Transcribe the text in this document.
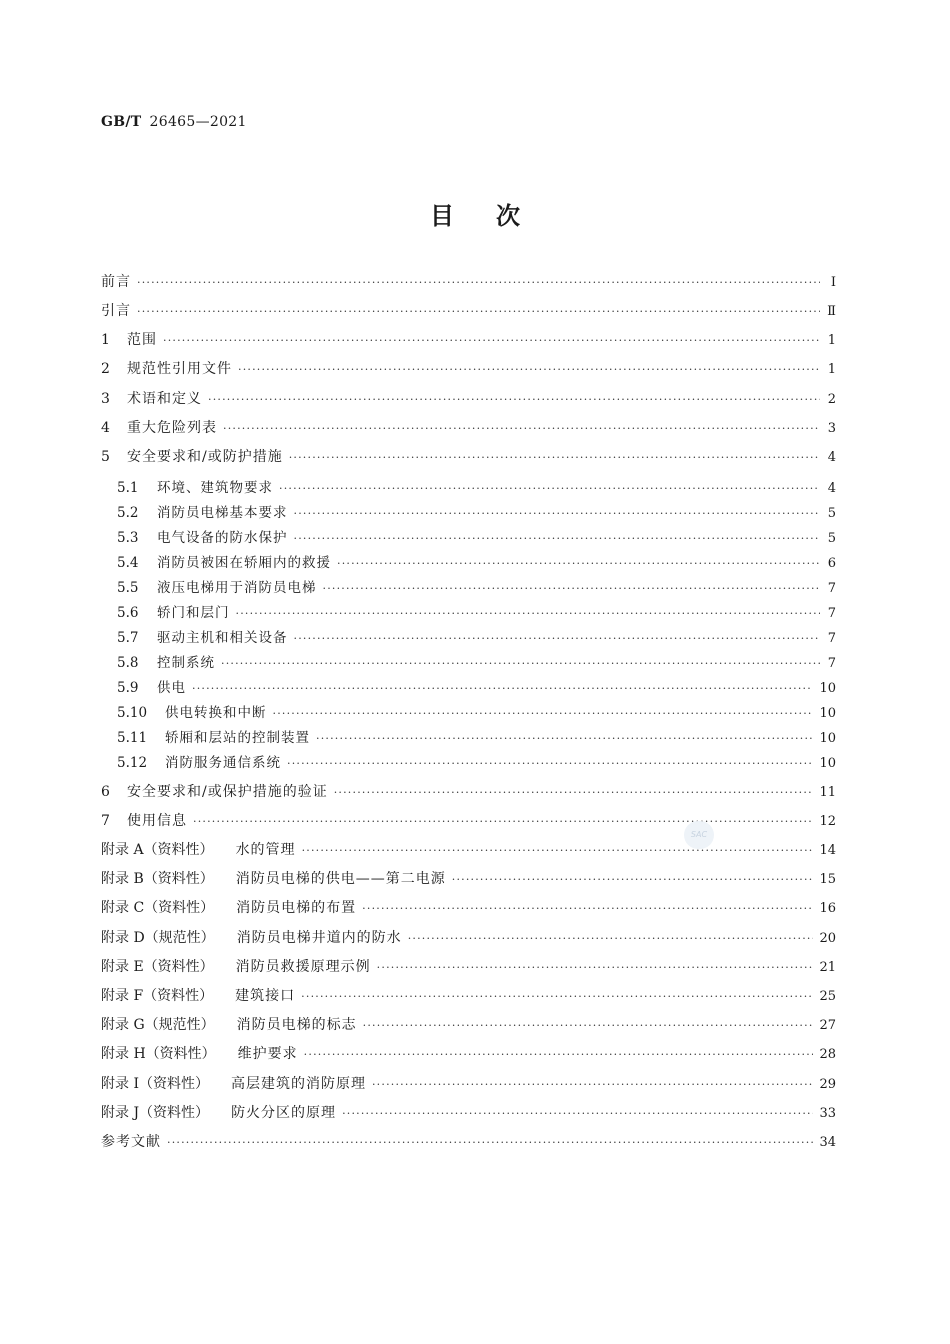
GB/T 26465—2021
目次
前言 ·····	Ⅰ
引言 ·····	Ⅱ
1	范围 ·····	1
2	规范性引用文件 ·····	1
3	术语和定义 ·····	2
4	重大危险列表 ·····	3
5	安全要求和/或防护措施 ·····	4
5.1	环境、建筑物要求 ·····	4
5.2	消防员电梯基本要求 ·····	5
5.3	电气设备的防水保护 ·····	5
5.4	消防员被困在轿厢内的救援 ·····	6
5.5	液压电梯用于消防员电梯 ·····	7
5.6	轿门和层门 ·····	7
5.7	驱动主机和相关设备 ·····	7
5.8	控制系统 ·····	7
5.9	供电 ·····	10
5.10	供电转换和中断 ·····	10
5.11	轿厢和层站的控制装置 ·····	10
5.12	消防服务通信系统 ·····	10
6	安全要求和/或保护措施的验证 ·····	11
7	使用信息 ·····	12
附录 A（资料性） 水的管理 ·····	14
附录 B（资料性） 消防员电梯的供电——第二电源 ·····	15
附录 C（资料性） 消防员电梯的布置 ·····	16
附录 D（规范性） 消防员电梯井道内的防水 ·····	20
附录 E（资料性） 消防员救援原理示例 ·····	21
附录 F（资料性） 建筑接口 ·····	25
附录 G（规范性） 消防员电梯的标志 ·····	27
附录 H（资料性） 维护要求 ·····	28
附录 I（资料性） 高层建筑的消防原理 ·····	29
附录 J（资料性） 防火分区的原理 ·····	33
参考文献 ·····	34
SAC
